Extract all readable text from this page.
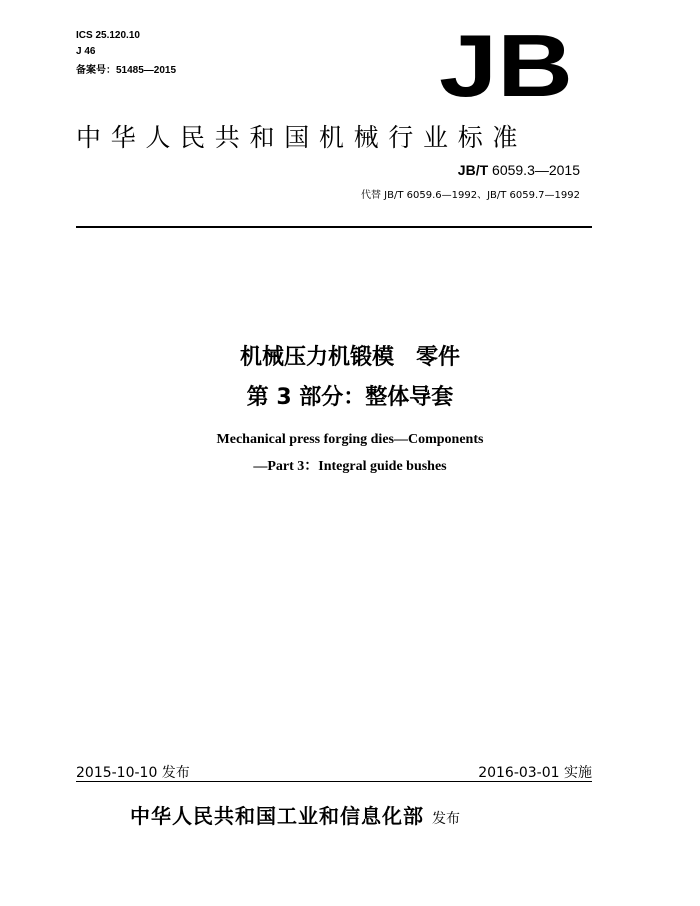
ICS 25.120.10
J 46
备案号：51485—2015	JB
中华人民共和国机械行业标准
JB/T 6059.3—2015
代替 JB/T 6059.6—1992、JB/T 6059.7—1992
机械压力机锻模　零件
第 3 部分：整体导套
Mechanical press forging dies—Components
—Part 3：Integral guide bushes
2015-10-10 发布	2016-03-01 实施
中华人民共和国工业和信息化部 发布
